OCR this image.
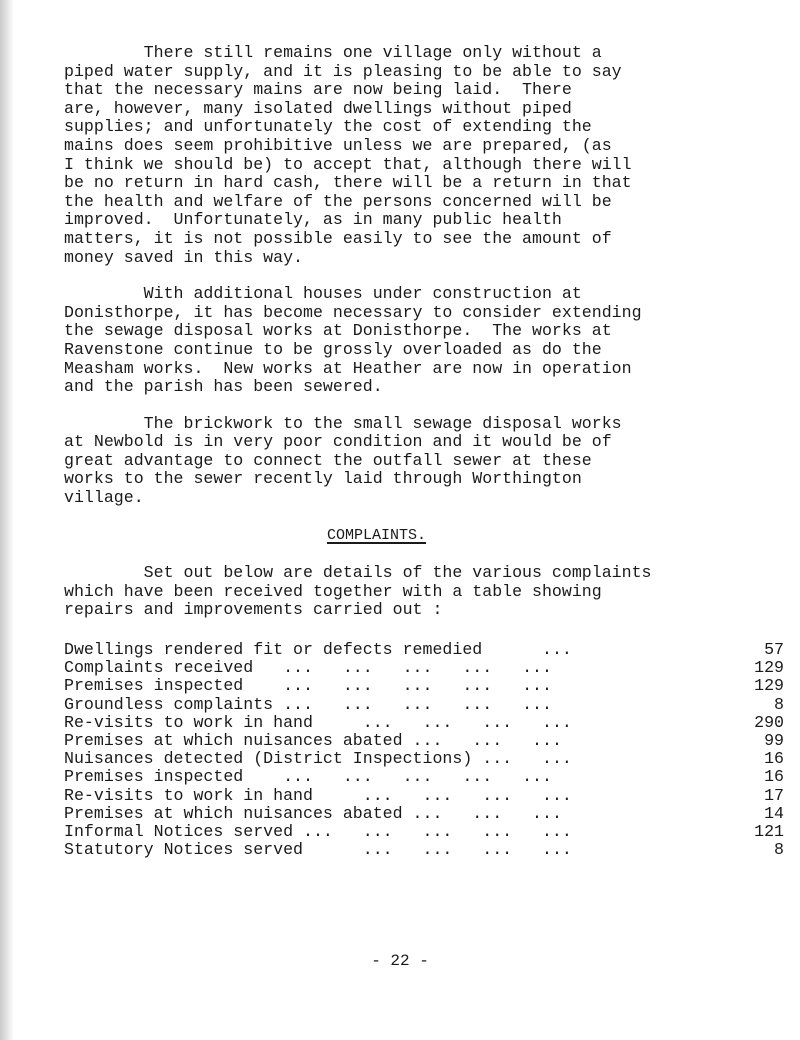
There still remains one village only without a
piped water supply, and it is pleasing to be able to say
that the necessary mains are now being laid.  There
are, however, many isolated dwellings without piped
supplies; and unfortunately the cost of extending the
mains does seem prohibitive unless we are prepared, (as
I think we should be) to accept that, although there will
be no return in hard cash, there will be a return in that
the health and welfare of the persons concerned will be
improved.  Unfortunately, as in many public health
matters, it is not possible easily to see the amount of
money saved in this way.

With additional houses under construction at
Donisthorpe, it has become necessary to consider extending
the sewage disposal works at Donisthorpe.  The works at
Ravenstone continue to be grossly overloaded as do the
Measham works.  New works at Heather are now in operation
and the parish has been sewered.

The brickwork to the small sewage disposal works
at Newbold is in very poor condition and it would be of
great advantage to connect the outfall sewer at these
works to the sewer recently laid through Worthington
village.

COMPLAINTS.

Set out below are details of the various complaints
which have been received together with a table showing
repairs and improvements carried out :

Dwellings rendered fit or defects remedied ...	57
Complaints received ...   ...   ...   ...   ...	129
Premises inspected ...   ...   ...   ...   ...	129
Groundless complaints ...   ...   ...   ...   ...	8
Re-visits to work in hand ...   ...   ...   ...	290
Premises at which nuisances abated ...   ...   ...	99
Nuisances detected (District Inspections) ...   ...	16
Premises inspected ...   ...   ...   ...   ...	16
Re-visits to work in hand ...   ...   ...   ...	17
Premises at which nuisances abated ...   ...   ...	14
Informal Notices served ...   ...   ...   ...   ...	121
Statutory Notices served ...   ...   ...   ...	8
- 22 -
